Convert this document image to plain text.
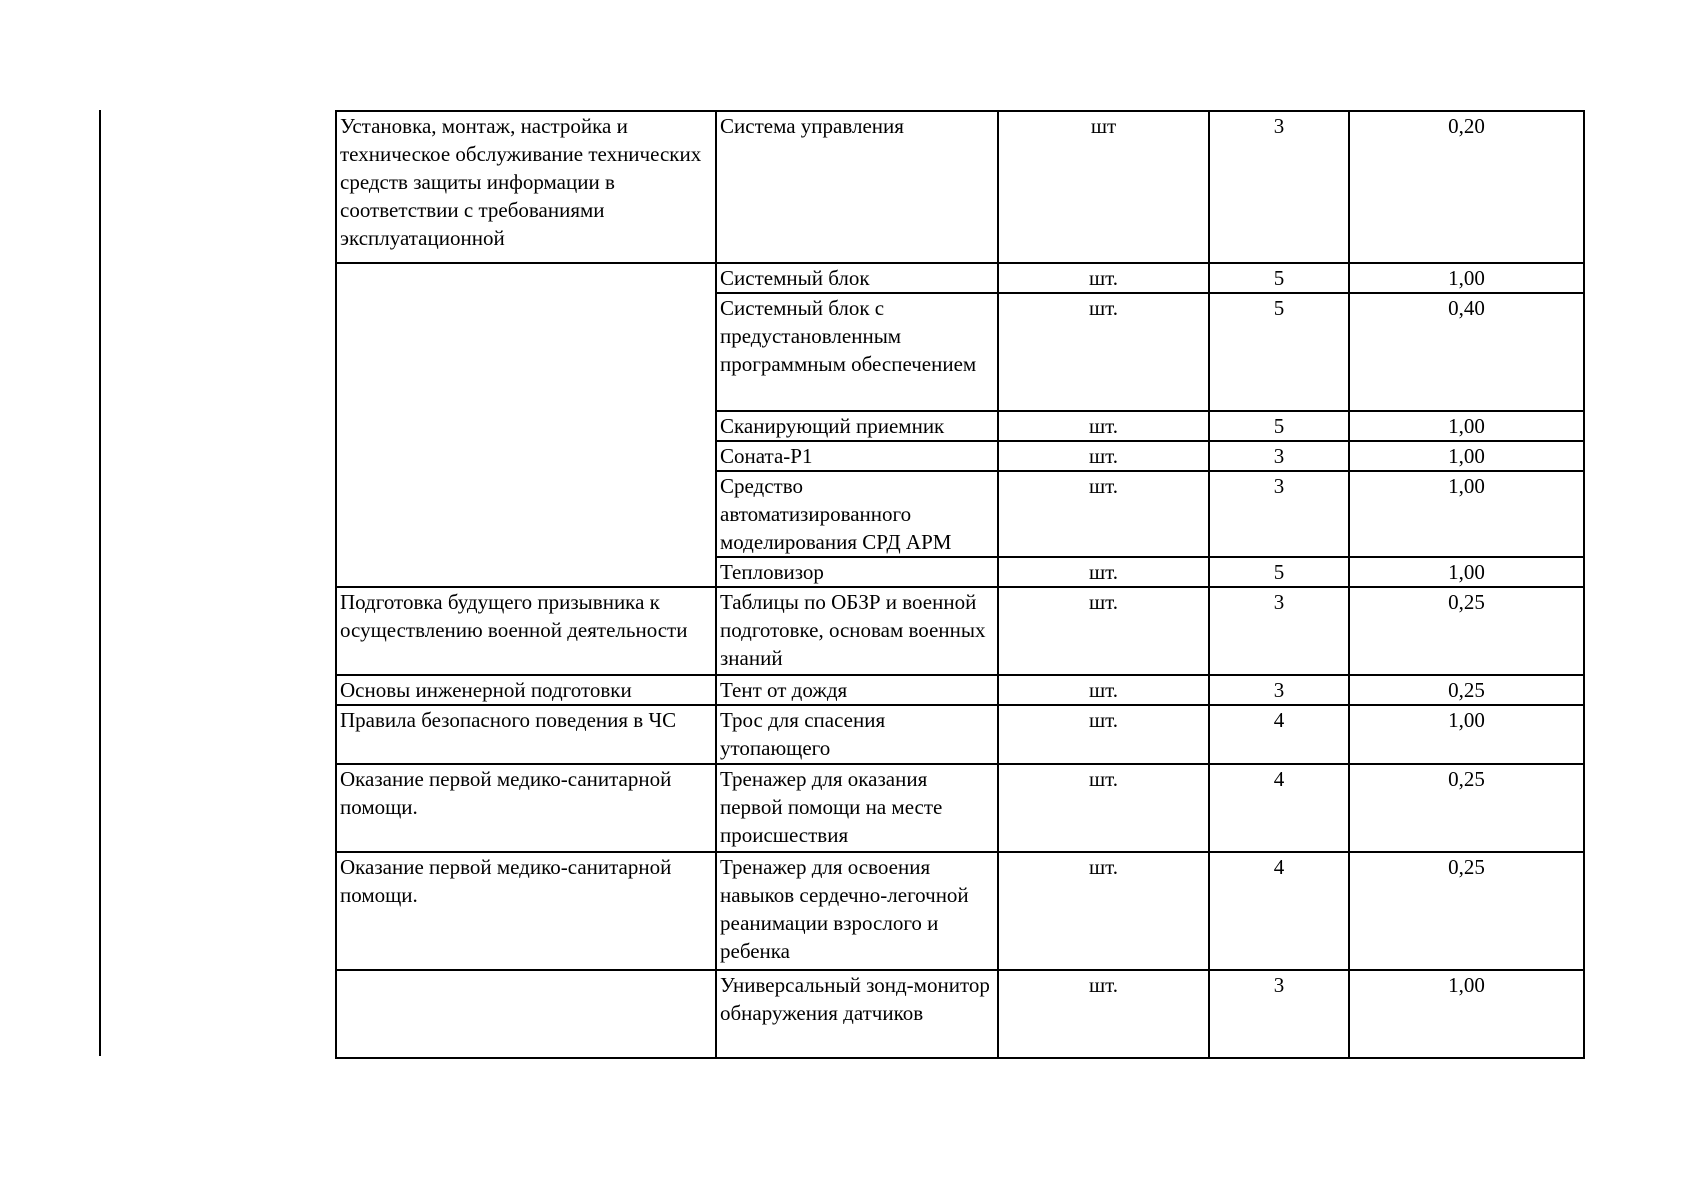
Установка, монтаж, настройка и техническое обслуживание технических средств защиты информации в соответствии с требованиями эксплуатационной	Система управления	шт	3	0,20
	Системный блок	шт.	5	1,00
	Системный блок с предустановленным программным обеспечением	шт.	5	0,40
	Сканирующий приемник	шт.	5	1,00
	Соната-Р1	шт.	3	1,00
	Средство автоматизированного моделирования СРД АРМ	шт.	3	1,00
	Тепловизор	шт.	5	1,00
Подготовка будущего призывника к осуществлению военной деятельности	Таблицы по ОБЗР и военной подготовке, основам военных знаний	шт.	3	0,25
Основы инженерной подготовки	Тент от дождя	шт.	3	0,25
Правила безопасного поведения в ЧС	Трос для спасения утопающего	шт.	4	1,00
Оказание первой медико-санитарной помощи.	Тренажер для оказания первой помощи на месте происшествия	шт.	4	0,25
Оказание первой медико-санитарной помощи.	Тренажер для освоения навыков сердечно-легочной реанимации взрослого и ребенка	шт.	4	0,25
	Универсальный зонд-монитор обнаружения датчиков	шт.	3	1,00
